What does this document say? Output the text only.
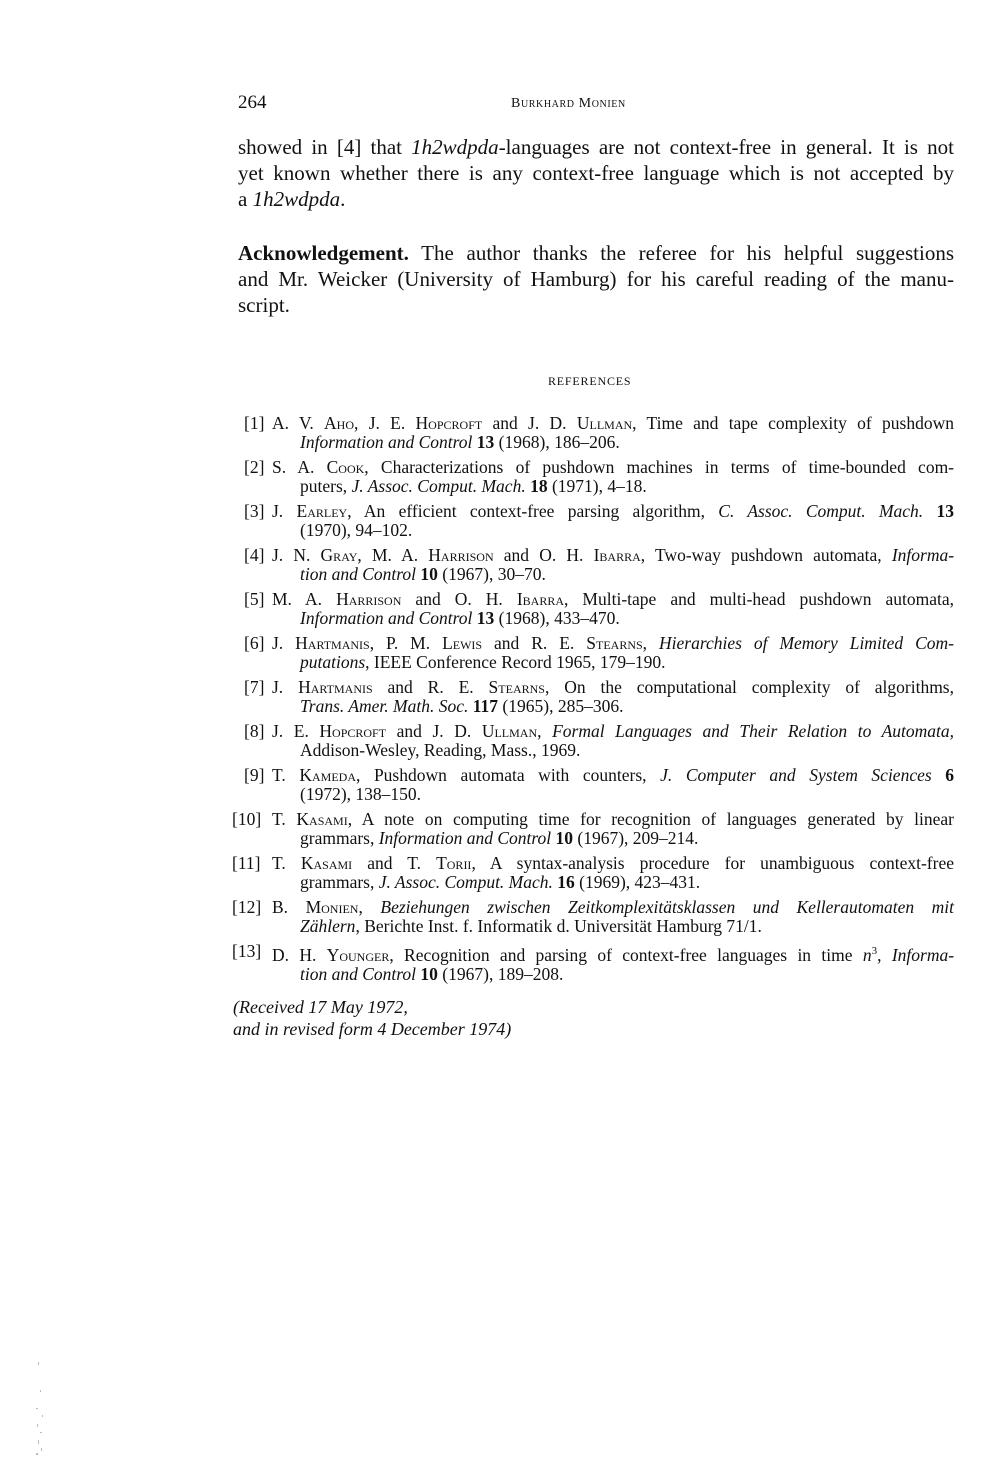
264	Burkhard Monien
showed in [4] that 1h2wdpda-languages are not context-free in general. It is not
yet known whether there is any context-free language which is not accepted by
a 1h2wdpda.
Acknowledgement. The author thanks the referee for his helpful suggestions
and Mr. Weicker (University of Hamburg) for his careful reading of the manu-
script.
REFERENCES
[1] A. V. Aho, J. E. Hopcroft and J. D. Ullman, Time and tape complexity of pushdown
Information and Control 13 (1968), 186–206.
[2] S. A. Cook, Characterizations of pushdown machines in terms of time-bounded com-
puters, J. Assoc. Comput. Mach. 18 (1971), 4–18.
[3] J. Earley, An efficient context-free parsing algorithm, C. Assoc. Comput. Mach. 13
(1970), 94–102.
[4] J. N. Gray, M. A. Harrison and O. H. Ibarra, Two-way pushdown automata, Informa-
tion and Control 10 (1967), 30–70.
[5] M. A. Harrison and O. H. Ibarra, Multi-tape and multi-head pushdown automata,
Information and Control 13 (1968), 433–470.
[6] J. Hartmanis, P. M. Lewis and R. E. Stearns, Hierarchies of Memory Limited Com-
putations, IEEE Conference Record 1965, 179–190.
[7] J. Hartmanis and R. E. Stearns, On the computational complexity of algorithms,
Trans. Amer. Math. Soc. 117 (1965), 285–306.
[8] J. E. Hopcroft and J. D. Ullman, Formal Languages and Their Relation to Automata,
Addison-Wesley, Reading, Mass., 1969.
[9] T. Kameda, Pushdown automata with counters, J. Computer and System Sciences 6
(1972), 138–150.
[10] T. Kasami, A note on computing time for recognition of languages generated by linear
grammars, Information and Control 10 (1967), 209–214.
[11] T. Kasami and T. Torii, A syntax-analysis procedure for unambiguous context-free
grammars, J. Assoc. Comput. Mach. 16 (1969), 423–431.
[12] B. Monien, Beziehungen zwischen Zeitkomplexitätsklassen und Kellerautomaten mit
Zählern, Berichte Inst. f. Informatik d. Universität Hamburg 71/1.
[13] D. H. Younger, Recognition and parsing of context-free languages in time $n^3$, Informa-
tion and Control 10 (1967), 189–208.
(Received 17 May 1972,
and in revised form 4 December 1974)
